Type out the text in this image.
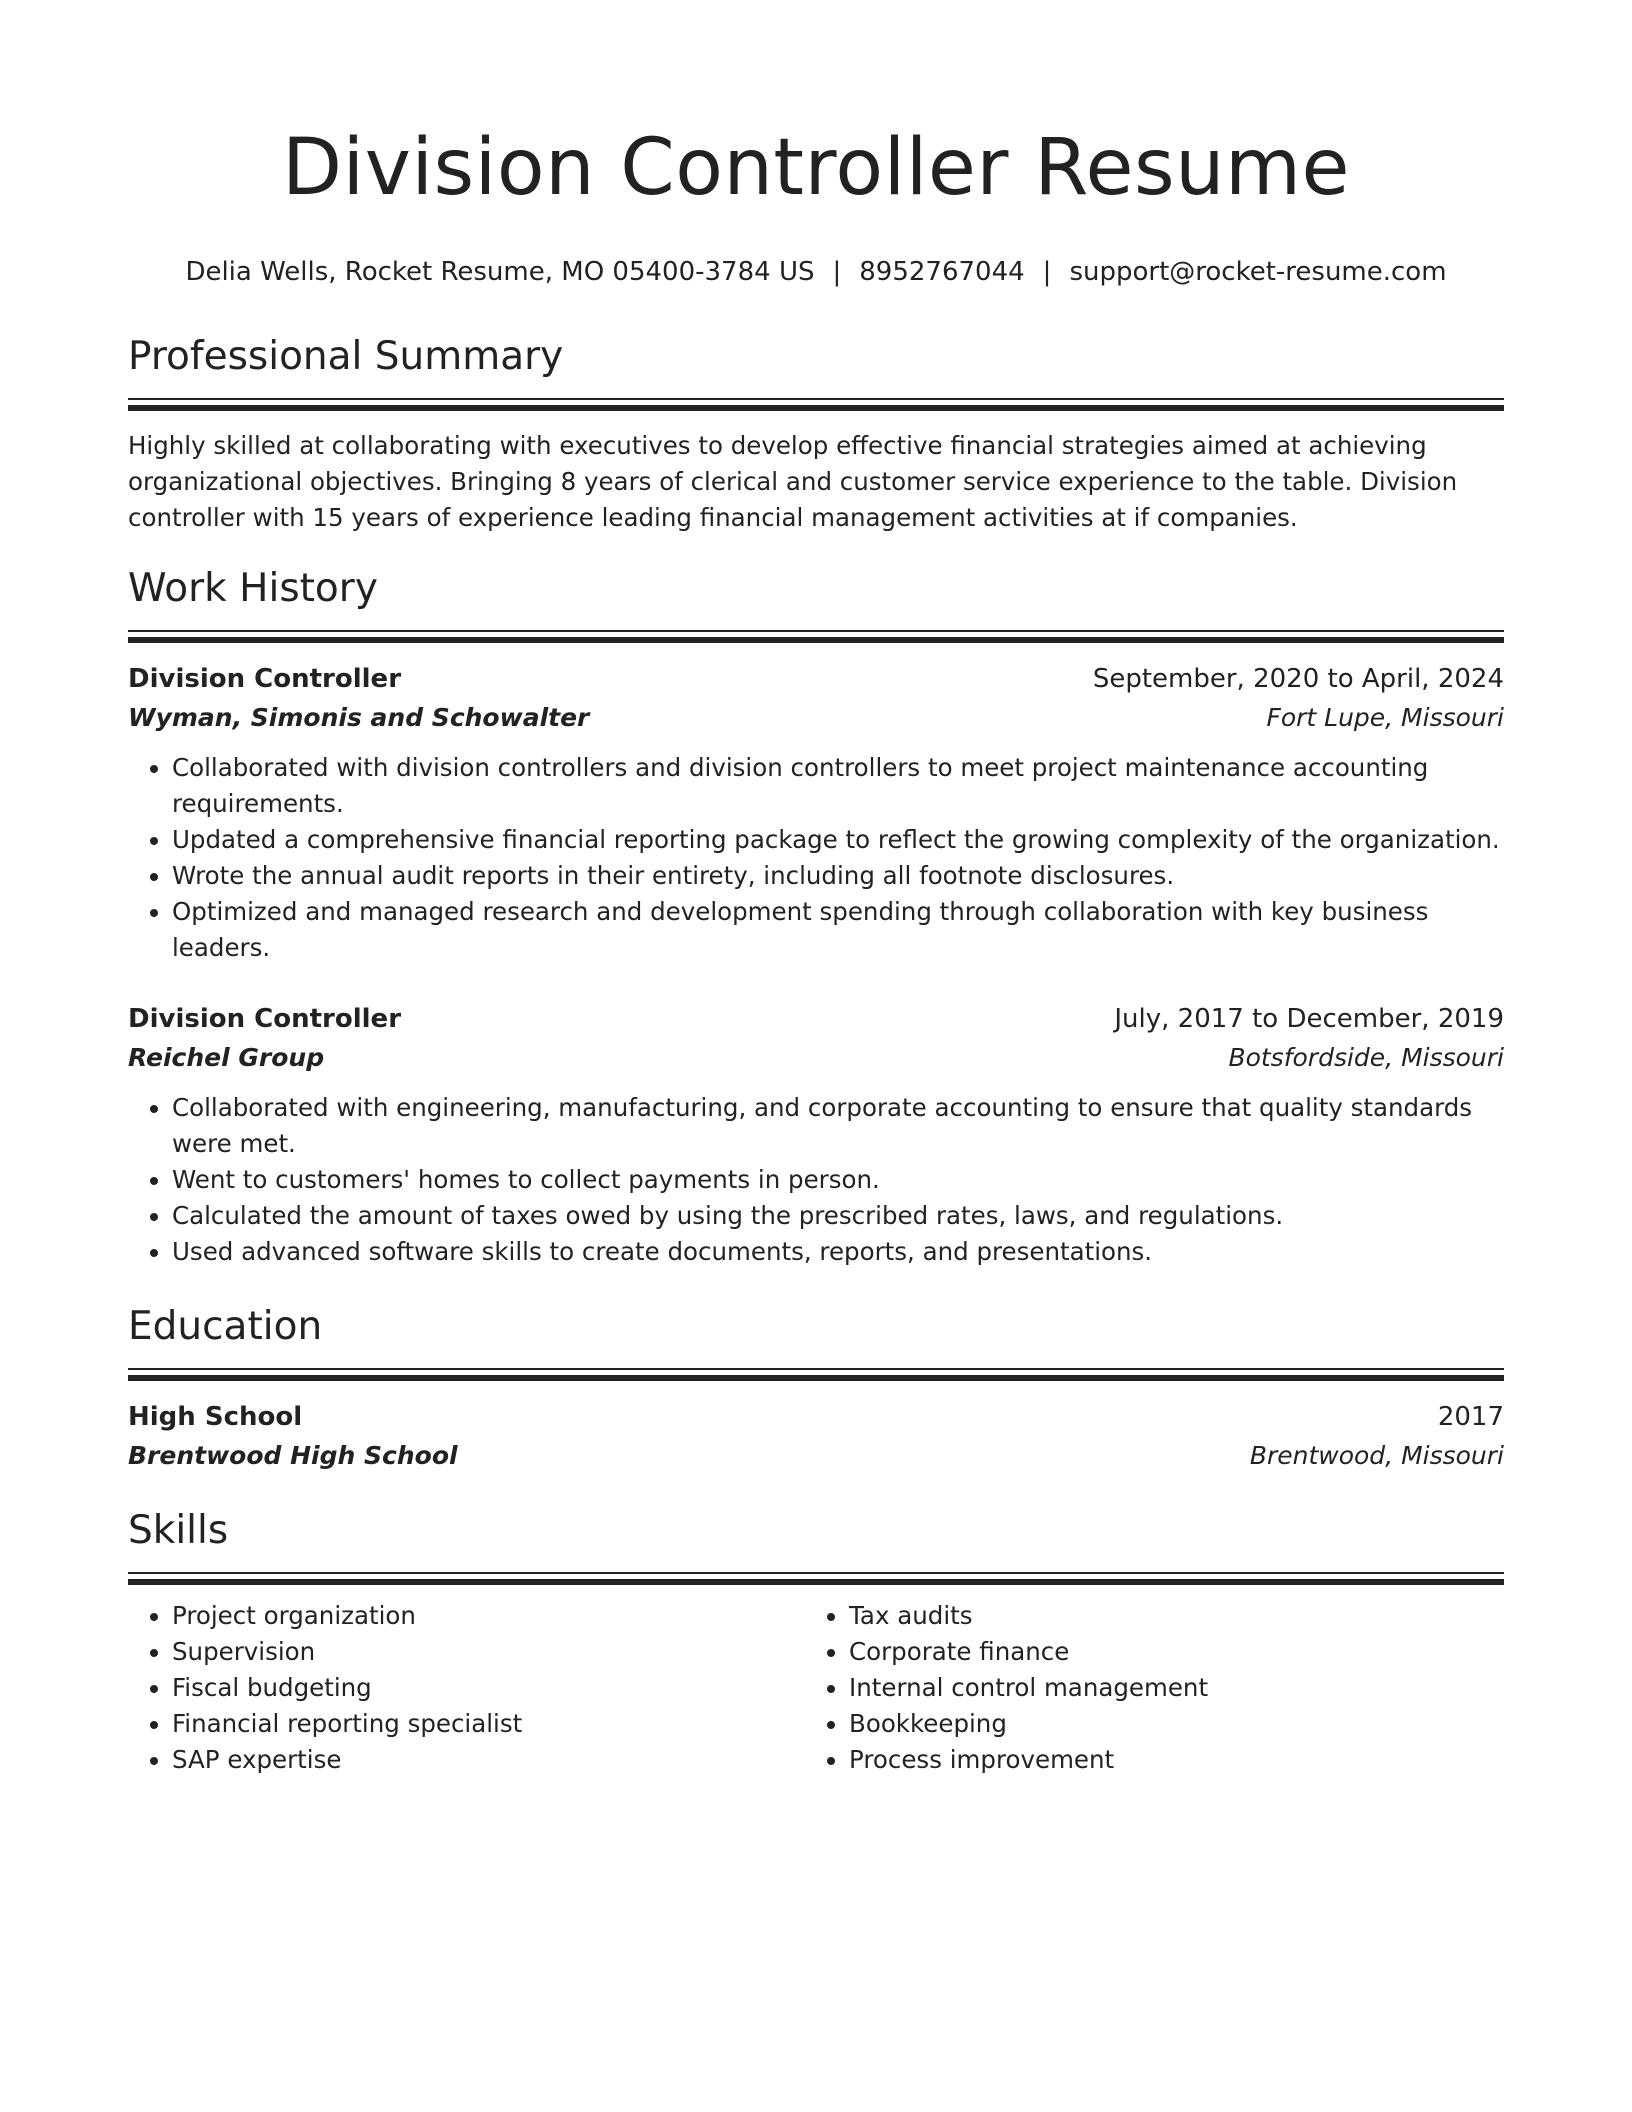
Division Controller Resume
Delia Wells, Rocket Resume, MO 05400-3784 US | 8952767044 | support@rocket-resume.com
Professional Summary

Highly skilled at collaborating with executives to develop effective financial strategies aimed at achieving organizational objectives. Bringing 8 years of clerical and customer service experience to the table. Division controller with 15 years of experience leading financial management activities at if companies.

Work History
Division Controller	September, 2020 to April, 2024
Wyman, Simonis and Schowalter	Fort Lupe, Missouri
• Collaborated with division controllers and division controllers to meet project maintenance accounting requirements.
• Updated a comprehensive financial reporting package to reflect the growing complexity of the organization.
• Wrote the annual audit reports in their entirety, including all footnote disclosures.
• Optimized and managed research and development spending through collaboration with key business leaders.
Division Controller	July, 2017 to December, 2019
Reichel Group	Botsfordside, Missouri
• Collaborated with engineering, manufacturing, and corporate accounting to ensure that quality standards were met.
• Went to customers' homes to collect payments in person.
• Calculated the amount of taxes owed by using the prescribed rates, laws, and regulations.
• Used advanced software skills to create documents, reports, and presentations.
Education
High School	2017
Brentwood High School	Brentwood, Missouri
Skills
• Project organization
• Supervision
• Fiscal budgeting
• Financial reporting specialist
• SAP expertise
• Tax audits
• Corporate finance
• Internal control management
• Bookkeeping
• Process improvement
